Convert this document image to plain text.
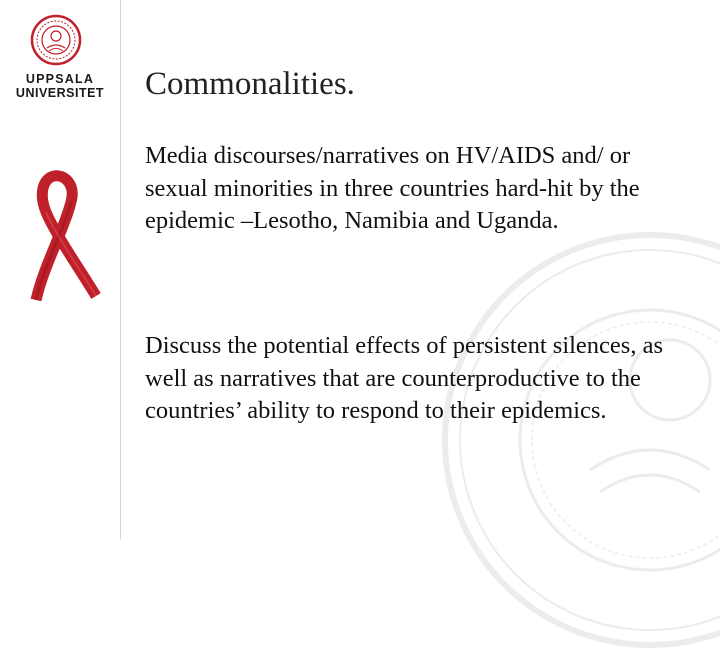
UPPSALA
UNIVERSITET	Commonalities.

Media discourses/narratives on HV/AIDS and/ or sexual minorities in three countries hard-hit by the epidemic –Lesotho, Namibia and Uganda.

Discuss the potential effects of persistent silences, as well as narratives that are counterproductive to the countries’ ability to respond to their epidemics.
